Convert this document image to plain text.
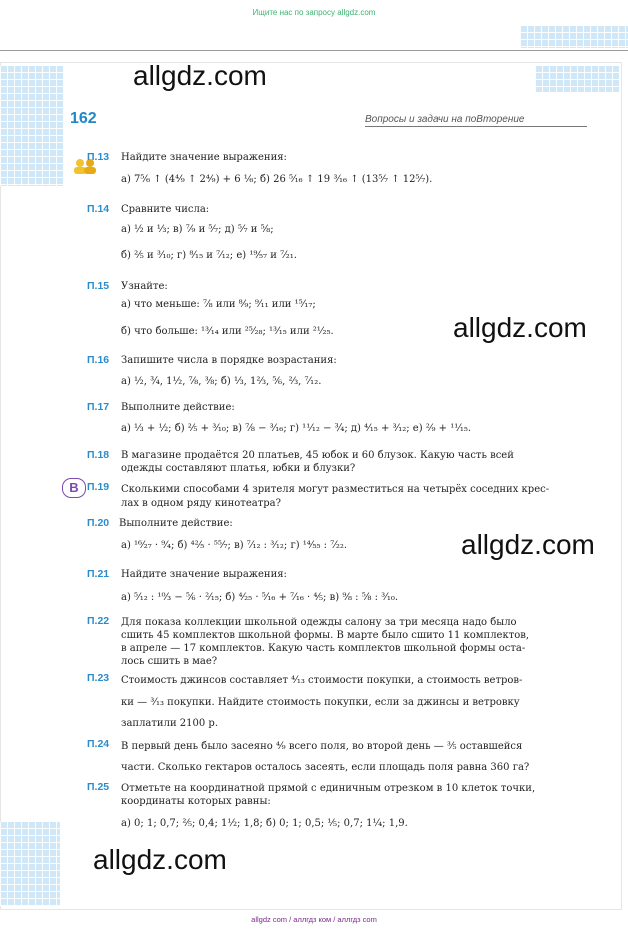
Ищите нас по запросу allgdz.com
allgdz.com
allgdz.com
allgdz.com
allgdz.com
162	Вопросы и задачи на поВторение
В
П.13 Найдите значение выражения:
а) 7⁵⁄₆ ↑ (4⁴⁄₉ ↑ 2⁴⁄₉) + 6 ¹⁄₆; б) 26 ⁵⁄₁₆ ↑ 19 ³⁄₁₆ ↑ (13⁵⁄₇ ↑ 12⁵⁄₇).
П.14 Сравните числа:
а) ½ и ⅓; в) ⁷⁄₉ и ⁵⁄₇; д) ⁵⁄₇ и ⁵⁄₈;
б) ⅖ и ³⁄₁₀; г) ⁸⁄₁₅ и ⁷⁄₁₂; е) ¹⁹⁄₅₇ и ⁷⁄₂₁.
П.15 Узнайте:
а) что меньше: ⁷⁄₈ или ⁸⁄₉; ⁹⁄₁₁ или ¹⁵⁄₁₇;
б) что больше: ¹³⁄₁₄ или ²⁵⁄₂₈; ¹³⁄₁₅ или ²¹⁄₂₅.
П.16 Запишите числа в порядке возрастания:
а) ½, ¾, 1½, ⅞, ⅜; б) ⅓, 1⅔, ⅚, ⅔, ⁷⁄₁₂.
П.17 Выполните действие:
а) ⅓ + ½; б) ⅖ + ³⁄₁₀; в) ⅞ − ³⁄₁₆; г) ¹¹⁄₁₂ − ¾; д) ⁴⁄₁₅ + ³⁄₁₂; е) ²⁄₉ + ¹¹⁄₁₅.
П.18 В магазине продаётся 20 платьев, 45 юбок и 60 блузок. Какую часть всей
одежды составляют платья, юбки и блузки?
П.19 Сколькими способами 4 зрителя могут разместиться на четырёх соседних крес-
лах в одном ряду кинотеатра?
П.20 Выполните действие:
а) ¹⁶⁄₂₇ · ⁹⁄₄; б) ⁴²⁄₅ · ⁵⁵⁄₇; в) ⁷⁄₁₂ : ³⁄₁₂; г) ¹⁴⁄₅₅ : ⁷⁄₂₂.
П.21 Найдите значение выражения:
а) ⁵⁄₁₂ : ¹⁰⁄₃ − ⅚ · ²⁄₁₅; б) ⁴⁄₂₅ · ⁵⁄₁₆ + ⁷⁄₁₆ · ⅘; в) ⁹⁄₈ : ⅝ : ³⁄₁₀.
П.22 Для показа коллекции школьной одежды салону за три месяца надо было
сшить 45 комплектов школьной формы. В марте было сшито 11 комплектов,
в апреле — 17 комплектов. Какую часть комплектов школьной формы оста-
лось сшить в мае?
П.23 Стоимость джинсов составляет ⁴⁄₁₃ стоимости покупки, а стоимость ветров-
ки — ³⁄₁₃ покупки. Найдите стоимость покупки, если за джинсы и ветровку
заплатили 2100 р.
П.24 В первый день было засеяно ⁴⁄₉ всего поля, во второй день — ⅗ оставшейся
части. Сколько гектаров осталось засеять, если площадь поля равна 360 га?
П.25 Отметьте на координатной прямой с единичным отрезком в 10 клеток точки,
координаты которых равны:
а) 0; 1; 0,7; ⅖; 0,4; 1½; 1,8; б) 0; 1; 0,5; ⅕; 0,7; 1¼; 1,9.
allgdz com / аллгдз ком / аллгдз com
